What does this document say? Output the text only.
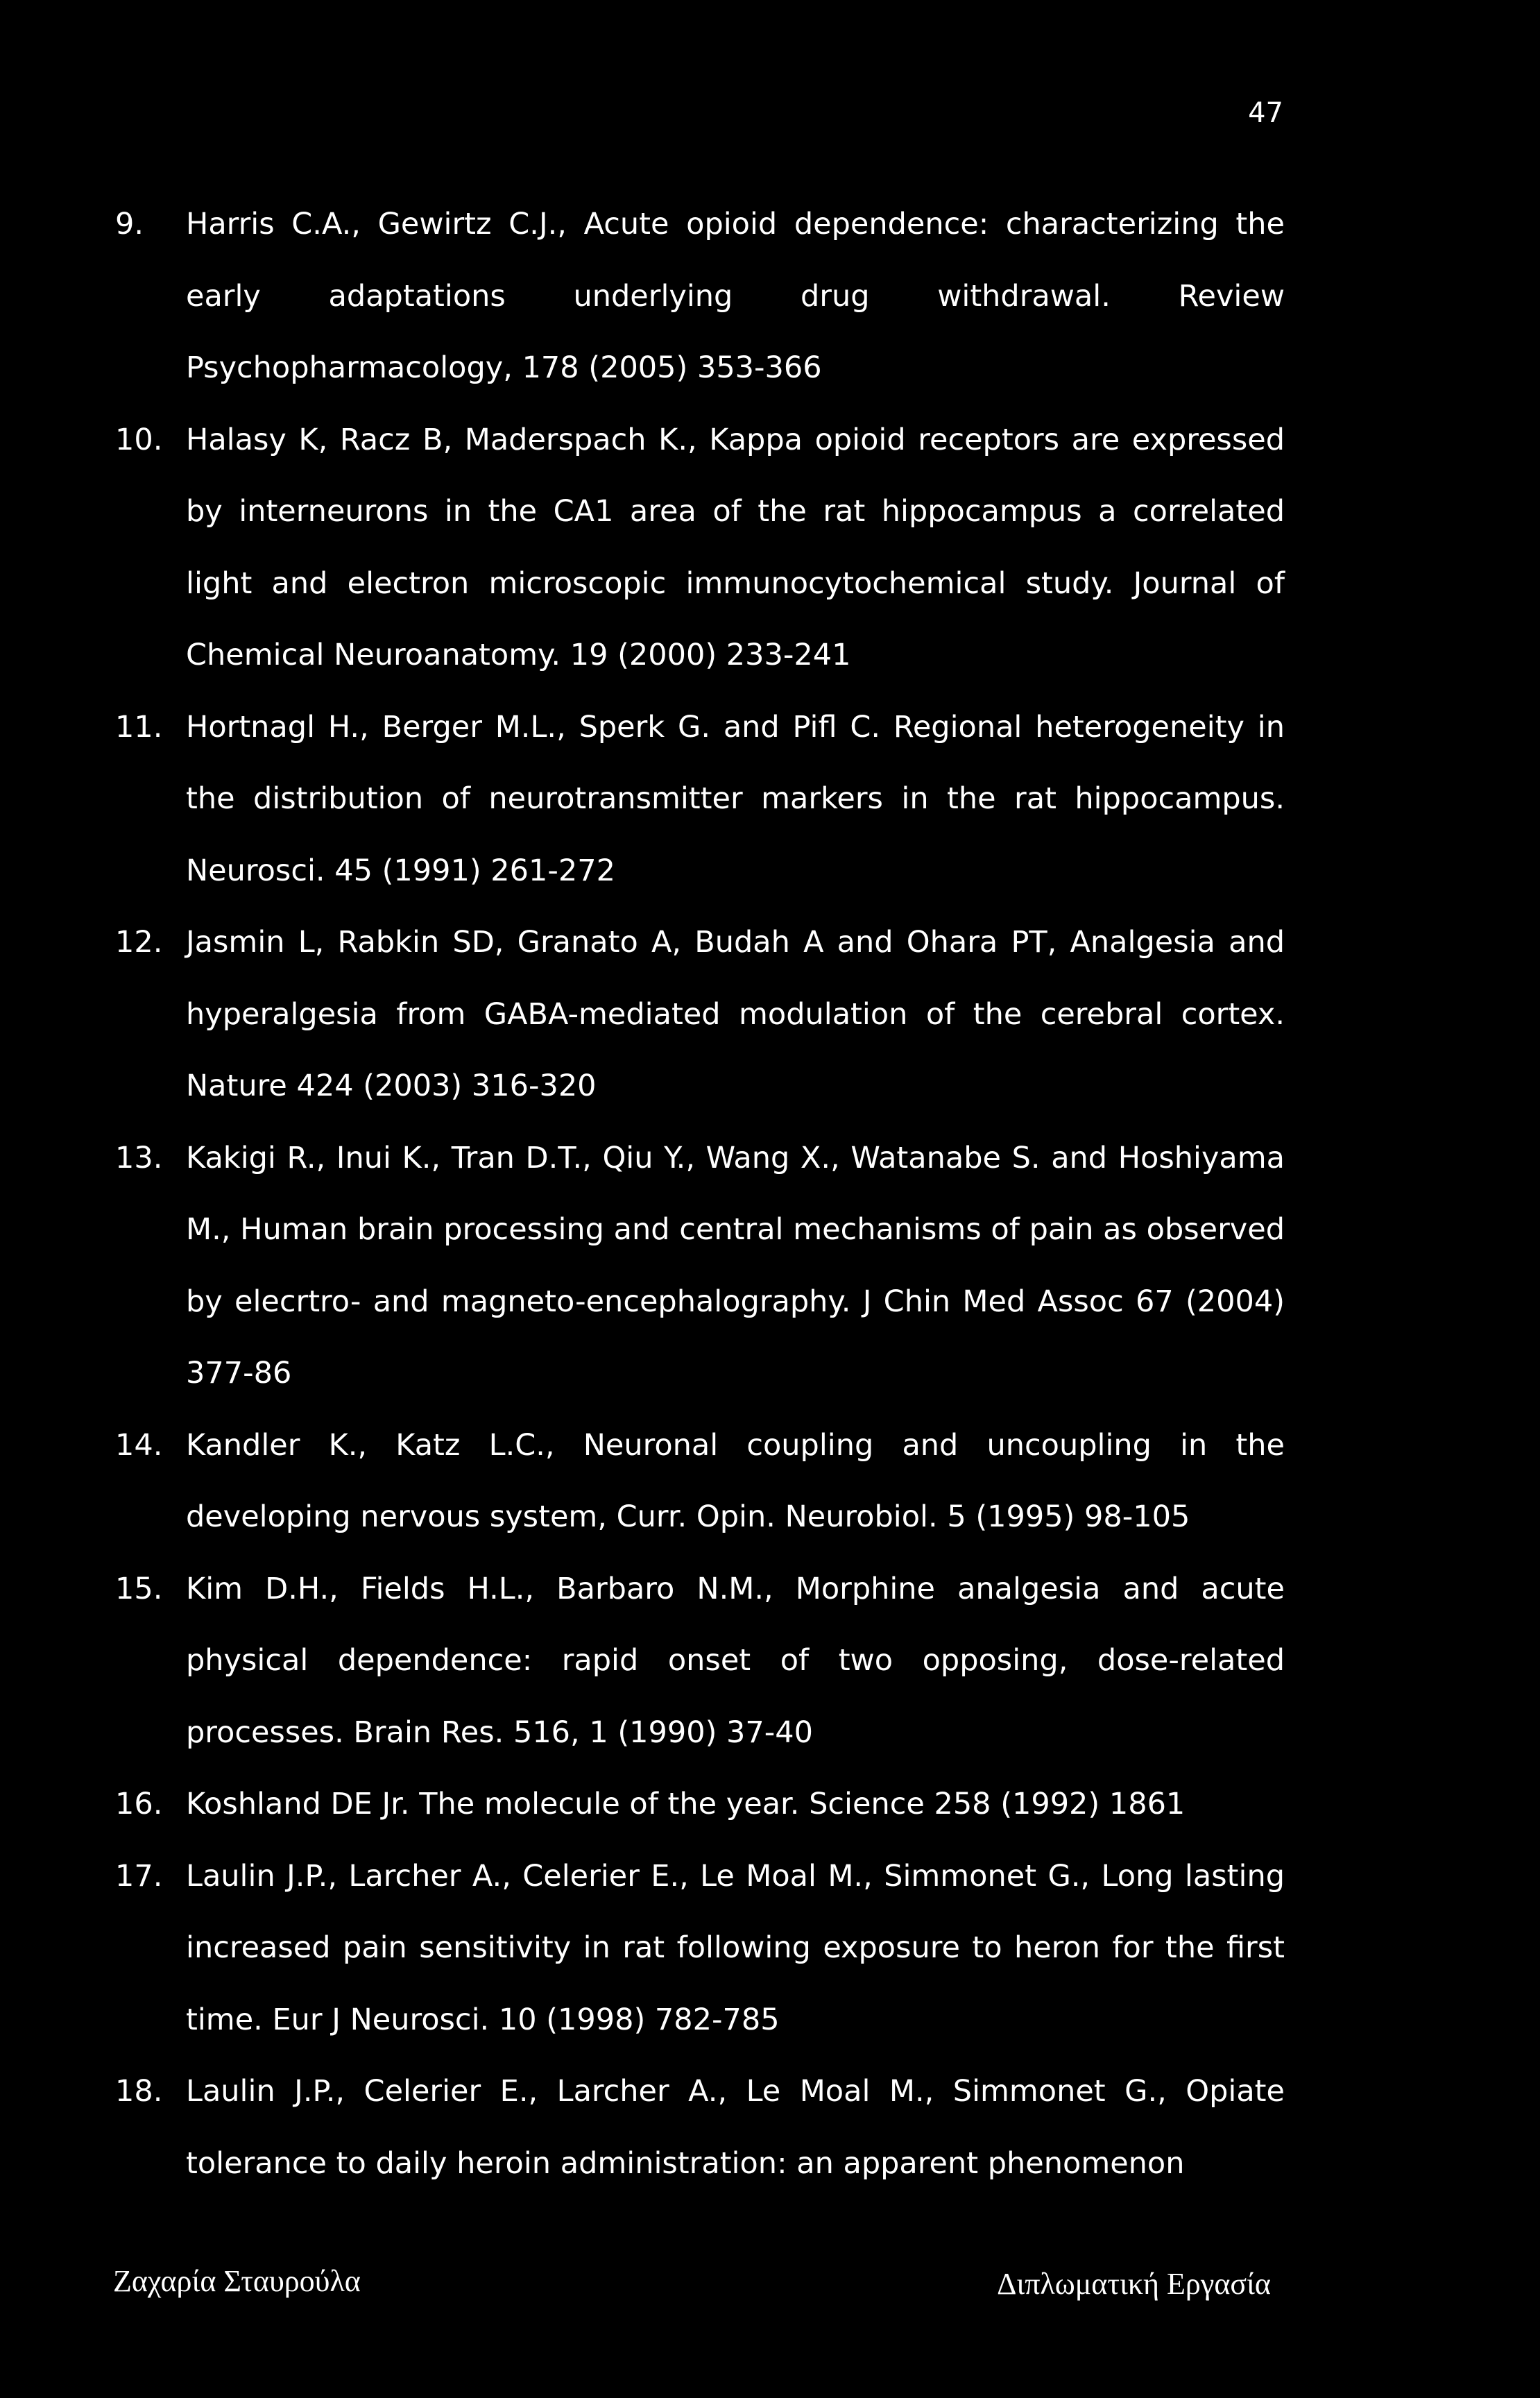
47
9. Harris C.A., Gewirtz C.J., Acute opioid dependence: characterizing the early adaptations underlying drug withdrawal. Review Psychopharmacology, 178 (2005) 353-366
10. Halasy K, Racz B, Maderspach K., Kappa opioid receptors are expressed by interneurons in the CA1 area of the rat hippocampus a correlated light and electron microscopic immunocytochemical study. Journal of Chemical Neuroanatomy. 19 (2000) 233-241
11. Hortnagl H., Berger M.L., Sperk G. and Pifl C. Regional heterogeneity in the distribution of neurotransmitter markers in the rat hippocampus. Neurosci. 45 (1991) 261-272
12. Jasmin L, Rabkin SD, Granato A, Budah A and Ohara PT, Analgesia and hyperalgesia from GABA-mediated modulation of the cerebral cortex. Nature 424 (2003) 316-320
13. Kakigi R., Inui K., Tran D.T., Qiu Y., Wang X., Watanabe S. and Hoshiyama M., Human brain processing and central mechanisms of pain as observed by elecrtro- and magneto-encephalography. J Chin Med Assoc 67 (2004) 377-86
14. Kandler K., Katz L.C., Neuronal coupling and uncoupling in the developing nervous system, Curr. Opin. Neurobiol. 5 (1995) 98-105
15. Kim D.H., Fields H.L., Barbaro N.M., Morphine analgesia and acute physical dependence: rapid onset of two opposing, dose-related processes. Brain Res. 516, 1 (1990) 37-40
16. Koshland DE Jr. The molecule of the year. Science 258 (1992) 1861
17. Laulin J.P., Larcher A., Celerier E., Le Moal M., Simmonet G., Long lasting increased pain sensitivity in rat following exposure to heron for the first time. Eur J Neurosci. 10 (1998) 782-785
18. Laulin J.P., Celerier E., Larcher A., Le Moal M., Simmonet G., Opiate tolerance to daily heroin administration: an apparent phenomenon
Ζαχαρία Σταυρούλα	Διπλωματική Εργασία
